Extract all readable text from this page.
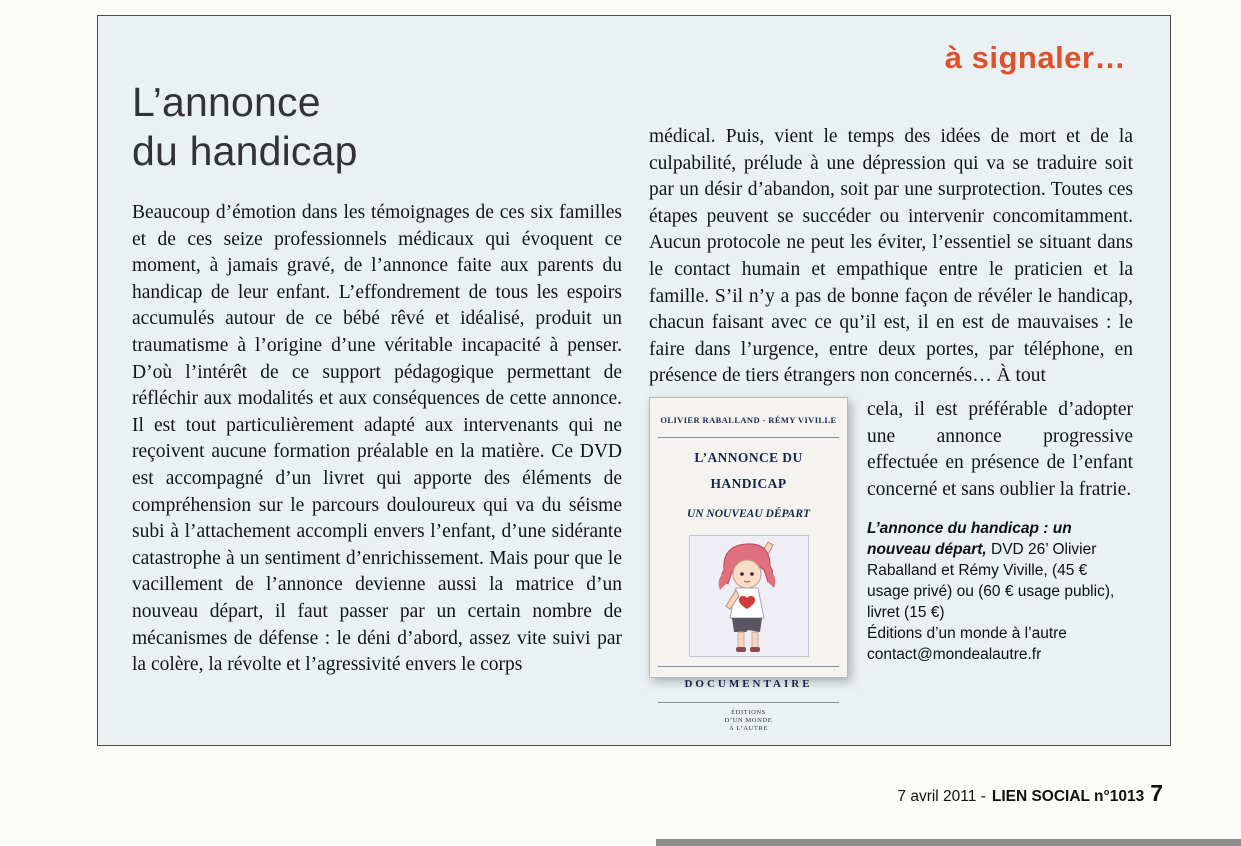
à signaler…
L’annonce
du handicap

Beaucoup d’émotion dans les témoignages de ces six familles et de ces seize professionnels médicaux qui évoquent ce moment, à jamais gravé, de l’annonce faite aux parents du handicap de leur enfant. L’effondrement de tous les espoirs accumulés autour de ce bébé rêvé et idéalisé, produit un traumatisme à l’origine d’une véritable incapacité à penser. D’où l’intérêt de ce support pédagogique permettant de réfléchir aux modalités et aux conséquences de cette annonce. Il est tout particulièrement adapté aux intervenants qui ne reçoivent aucune formation préalable en la matière. Ce DVD est accompagné d’un livret qui apporte des éléments de compréhension sur le parcours douloureux qui va du séisme subi à l’attachement accompli envers l’enfant, d’une sidérante catastrophe à un sentiment d’enrichissement. Mais pour que le vacillement de l’annonce devienne aussi la matrice d’un nouveau départ, il faut passer par un certain nombre de mécanismes de défense : le déni d’abord, assez vite suivi par la colère, la révolte et l’agressivité envers le corps

médical. Puis, vient le temps des idées de mort et de la culpabilité, prélude à une dépression qui va se traduire soit par un désir d’abandon, soit par une surprotection. Toutes ces étapes peuvent se succéder ou intervenir concomitamment. Aucun protocole ne peut les éviter, l’essentiel se situant dans le contact humain et empathique entre le praticien et la famille. S’il n’y a pas de bonne façon de révéler le handicap, chacun faisant avec ce qu’il est, il en est de mauvaises : le faire dans l’urgence, entre deux portes, par téléphone, en présence de tiers étrangers non concernés… À tout

OLIVIER RABALLAND - RÉMY VIVILLE
L’ANNONCE DU HANDICAP
UN NOUVEAU DÉPART
DOCUMENTAIRE
ÉDITIONS
D’UN MONDE
À L’AUTRE

cela, il est préférable d’adopter une annonce progressive effectuée en présence de l’enfant concerné et sans oublier la fratrie.

L’annonce du handicap : un nouveau départ, DVD 26’ Olivier Raballand et Rémy Viville, (45 € usage privé) ou (60 € usage public), livret (15 €)

Éditions d’un monde à l’autre

contact@mondealautre.fr

7 avril 2011 - LIEN SOCIAL n°1013 7
